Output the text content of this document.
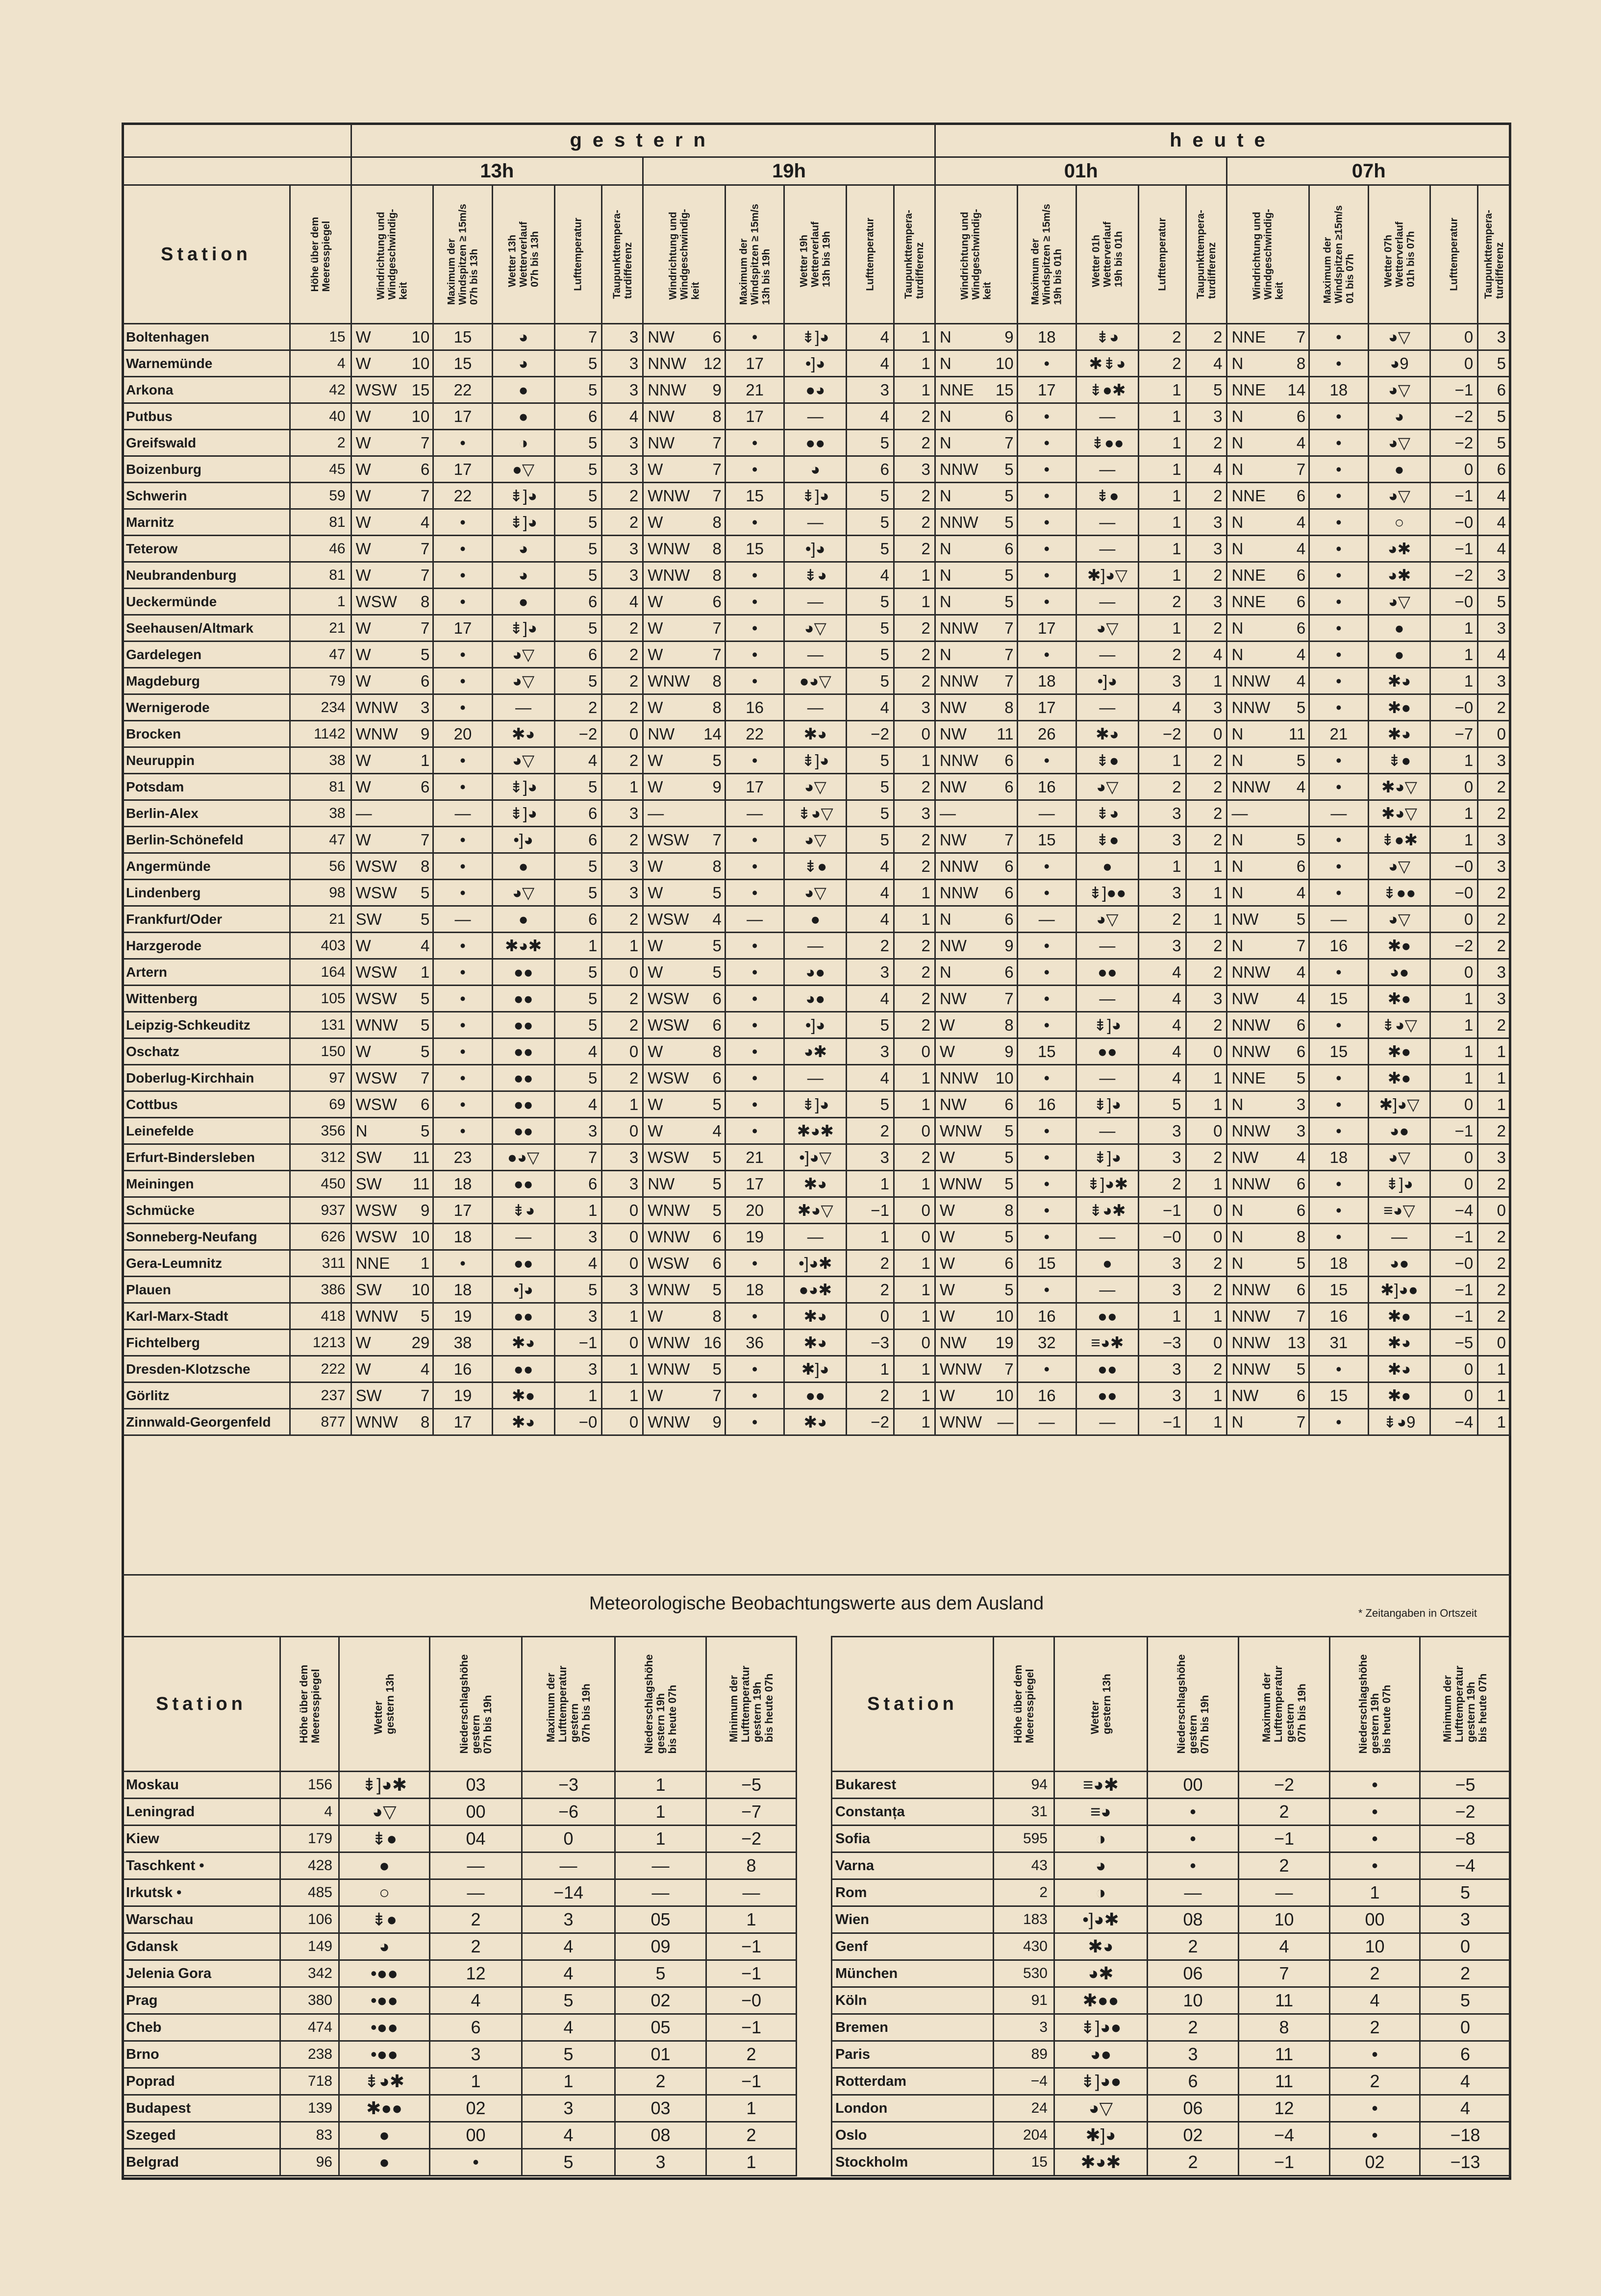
		gestern										heute									
		13h					19h					01h					07h				
Station	Höhe über dem
Meeresspiegel	Windrichtung und
Windgeschwindig-
keit	Maximum der
Windspitzen ≥ 15m/s
07h bis 13h	Wetter 13h
Wetterverlauf
07h bis 13h	Lufttemperatur	Taupunkttempera-
turdifferenz	Windrichtung und
Windgeschwindig-
keit	Maximum der
Windspitzen ≥ 15m/s
13h bis 19h	Wetter 19h
Wetterverlauf
13h bis 19h	Lufttemperatur	Taupunkttempera-
turdifferenz	Windrichtung und
Windgeschwindig-
keit	Maximum der
Windspitzen ≥ 15m/s
19h bis 01h	Wetter 01h
Wetterverlauf
19h bis 01h	Lufttemperatur	Taupunkttempera-
turdifferenz	Windrichtung und
Windgeschwindig-
keit	Maximum der
Windspitzen ≥15m/s
01 bis 07h	Wetter 07h
Wetterverlauf
01h bis 07h	Lufttemperatur	Taupunkttempera-
turdifferenz

Boltenhagen	15	W 10	15	◕	7	3	NW 6	•	⇟]◕	4	1	N 9	18	⇟◕	2	2	NNE 7	•	◕▽	0	3
Warnemünde	4	W 10	15	◕	5	3	NNW 12	17	•]◕	4	1	N 10	•	✱⇟◕	2	4	N 8	•	◕9	0	5
Arkona	42	WSW 15	22	●	5	3	NNW 9	21	●◕	3	1	NNE 15	17	⇟●✱	1	5	NNE 14	18	◕▽	−1	6
Putbus	40	W 10	17	●	6	4	NW 8	17	—	4	2	N 6	•	—	1	3	N 6	•	◕	−2	5
Greifswald	2	W 7	•	◑	5	3	NW 7	•	●●	5	2	N 7	•	⇟●●	1	2	N 4	•	◕▽	−2	5
Boizenburg	45	W 6	17	●▽	5	3	W 7	•	◕	6	3	NNW 5	•	—	1	4	N 7	•	●	0	6
Schwerin	59	W 7	22	⇟]◕	5	2	WNW 7	15	⇟]◕	5	2	N 5	•	⇟●	1	2	NNE 6	•	◕▽	−1	4
Marnitz	81	W 4	•	⇟]◕	5	2	W 8	•	—	5	2	NNW 5	•	—	1	3	N 4	•	○	−0	4
Teterow	46	W 7	•	◕	5	3	WNW 8	15	•]◕	5	2	N 6	•	—	1	3	N 4	•	◕✱	−1	4
Neubrandenburg	81	W 7	•	◕	5	3	WNW 8	•	⇟◕	4	1	N 5	•	✱]◕▽	1	2	NNE 6	•	◕✱	−2	3
Ueckermünde	1	WSW 8	•	●	6	4	W 6	•	—	5	1	N 5	•	—	2	3	NNE 6	•	◕▽	−0	5
Seehausen/Altmark	21	W 7	17	⇟]◕	5	2	W 7	•	◕▽	5	2	NNW 7	17	◕▽	1	2	N 6	•	●	1	3
Gardelegen	47	W 5	•	◕▽	6	2	W 7	•	—	5	2	N 7	•	—	2	4	N 4	•	●	1	4
Magdeburg	79	W 6	•	◕▽	5	2	WNW 8	•	●◕▽	5	2	NNW 7	18	•]◕	3	1	NNW 4	•	✱◕	1	3
Wernigerode	234	WNW 3	•	—	2	2	W 8	16	—	4	3	NW 8	17	—	4	3	NNW 5	•	✱●	−0	2
Brocken	1142	WNW 9	20	✱◕	−2	0	NW 14	22	✱◕	−2	0	NW 11	26	✱◕	−2	0	N 11	21	✱◕	−7	0
Neuruppin	38	W 1	•	◕▽	4	2	W 5	•	⇟]◕	5	1	NNW 6	•	⇟●	1	2	N 5	•	⇟●	1	3
Potsdam	81	W 6	•	⇟]◕	5	1	W 9	17	◕▽	5	2	NW 6	16	◕▽	2	2	NNW 4	•	✱◕▽	0	2
Berlin-Alex	38	—	—	⇟]◕	6	3	—	—	⇟◕▽	5	3	—	—	⇟◕	3	2	—	—	✱◕▽	1	2
Berlin-Schönefeld	47	W 7	•	•]◕	6	2	WSW 7	•	◕▽	5	2	NW 7	15	⇟●	3	2	N 5	•	⇟●✱	1	3
Angermünde	56	WSW 8	•	●	5	3	W 8	•	⇟●	4	2	NNW 6	•	●	1	1	N 6	•	◕▽	−0	3
Lindenberg	98	WSW 5	•	◕▽	5	3	W 5	•	◕▽	4	1	NNW 6	•	⇟]●●	3	1	N 4	•	⇟●●	−0	2
Frankfurt/Oder	21	SW 5	—	●	6	2	WSW 4	—	●	4	1	N 6	—	◕▽	2	1	NW 5	—	◕▽	0	2
Harzgerode	403	W 4	•	✱◕✱	1	1	W 5	•	—	2	2	NW 9	•	—	3	2	N 7	16	✱●	−2	2
Artern	164	WSW 1	•	●●	5	0	W 5	•	◕●	3	2	N 6	•	●●	4	2	NNW 4	•	◕●	0	3
Wittenberg	105	WSW 5	•	●●	5	2	WSW 6	•	◕●	4	2	NW 7	•	—	4	3	NW 4	15	✱●	1	3
Leipzig-Schkeuditz	131	WNW 5	•	●●	5	2	WSW 6	•	•]◕	5	2	W 8	•	⇟]◕	4	2	NNW 6	•	⇟◕▽	1	2
Oschatz	150	W 5	•	●●	4	0	W 8	•	◕✱	3	0	W 9	15	●●	4	0	NNW 6	15	✱●	1	1
Doberlug-Kirchhain	97	WSW 7	•	●●	5	2	WSW 6	•	—	4	1	NNW 10	•	—	4	1	NNE 5	•	✱●	1	1
Cottbus	69	WSW 6	•	●●	4	1	W 5	•	⇟]◕	5	1	NW 6	16	⇟]◕	5	1	N 3	•	✱]◕▽	0	1
Leinefelde	356	N 5	•	●●	3	0	W 4	•	✱◕✱	2	0	WNW 5	•	—	3	0	NNW 3	•	◕●	−1	2
Erfurt-Bindersleben	312	SW 11	23	●◕▽	7	3	WSW 5	21	•]◕▽	3	2	W 5	•	⇟]◕	3	2	NW 4	18	◕▽	0	3
Meiningen	450	SW 11	18	●●	6	3	NW 5	17	✱◕	1	1	WNW 5	•	⇟]◕✱	2	1	NNW 6	•	⇟]◕	0	2
Schmücke	937	WSW 9	17	⇟◕	1	0	WNW 5	20	✱◕▽	−1	0	W 8	•	⇟◕✱	−1	0	N 6	•	≡◕▽	−4	0
Sonneberg-Neufang	626	WSW 10	18	—	3	0	WNW 6	19	—	1	0	W 5	•	—	−0	0	N 8	•	—	−1	2
Gera-Leumnitz	311	NNE 1	•	●●	4	0	WSW 6	•	•]◕✱	2	1	W 6	15	●	3	2	N 5	18	◕●	−0	2
Plauen	386	SW 10	18	•]◕	5	3	WNW 5	18	●◕✱	2	1	W 5	•	—	3	2	NNW 6	15	✱]◕●	−1	2
Karl-Marx-Stadt	418	WNW 5	19	●●	3	1	W 8	•	✱◕	0	1	W 10	16	●●	1	1	NNW 7	16	✱●	−1	2
Fichtelberg	1213	W 29	38	✱◕	−1	0	WNW 16	36	✱◕	−3	0	NW 19	32	≡◕✱	−3	0	NNW 13	31	✱◕	−5	0
Dresden-Klotzsche	222	W 4	16	●●	3	1	WNW 5	•	✱]◕	1	1	WNW 7	•	●●	3	2	NNW 5	•	✱◕	0	1
Görlitz	237	SW 7	19	✱●	1	1	W 7	•	●●	2	1	W 10	16	●●	3	1	NW 6	15	✱●	0	1
Zinnwald-Georgenfeld	877	WNW 8	17	✱◕	−0	0	WNW 9	•	✱◕	−2	1	WNW —	—	—	−1	1	N 7	•	⇟◕9	−4	1
Meteorologische Beobachtungswerte aus dem Ausland	* Zeitangaben in Ortszeit
Station	Höhe über dem
Meeresspiegel	Wetter
gestern 13h	Niederschlagshöhe
gestern
07h bis 19h	Maximum der
Lufttemperatur
gestern
07h bis 19h	Niederschlagshöhe
gestern 19h
bis heute 07h	Minimum der
Lufttemperatur
gestern 19h
bis heute 07h

Moskau	156	⇟]◕✱	03	−3	1	−5
Leningrad	4	◕▽	00	−6	1	−7
Kiew	179	⇟●	04	0	1	−2
Taschkent •	428	●	—	—	—	8
Irkutsk •	485	○	—	−14	—	—
Warschau	106	⇟●	2	3	05	1
Gdansk	149	◕	2	4	09	−1
Jelenia Gora	342	•●●	12	4	5	−1
Prag	380	•●●	4	5	02	−0
Cheb	474	•●●	6	4	05	−1
Brno	238	•●●	3	5	01	2
Poprad	718	⇟◕✱	1	1	2	−1
Budapest	139	✱●●	02	3	03	1
Szeged	83	●	00	4	08	2
Belgrad	96	●	•	5	3	1
Station	Höhe über dem
Meeresspiegel	Wetter
gestern 13h	Niederschlagshöhe
gestern
07h bis 19h	Maximum der
Lufttemperatur
gestern
07h bis 19h	Niederschlagshöhe
gestern 19h
bis heute 07h	Minimum der
Lufttemperatur
gestern 19h
bis heute 07h

Bukarest	94	≡◕✱	00	−2	•	−5
Constanța	31	≡◕	•	2	•	−2
Sofia	595	◑	•	−1	•	−8
Varna	43	◕	•	2	•	−4
Rom	2	◑	—	—	1	5
Wien	183	•]◕✱	08	10	00	3
Genf	430	✱◕	2	4	10	0
München	530	◕✱	06	7	2	2
Köln	91	✱●●	10	11	4	5
Bremen	3	⇟]◕●	2	8	2	0
Paris	89	◕●	3	11	•	6
Rotterdam	−4	⇟]◕●	6	11	2	4
London	24	◕▽	06	12	•	4
Oslo	204	✱]◕	02	−4	•	−18
Stockholm	15	✱◕✱	2	−1	02	−13
